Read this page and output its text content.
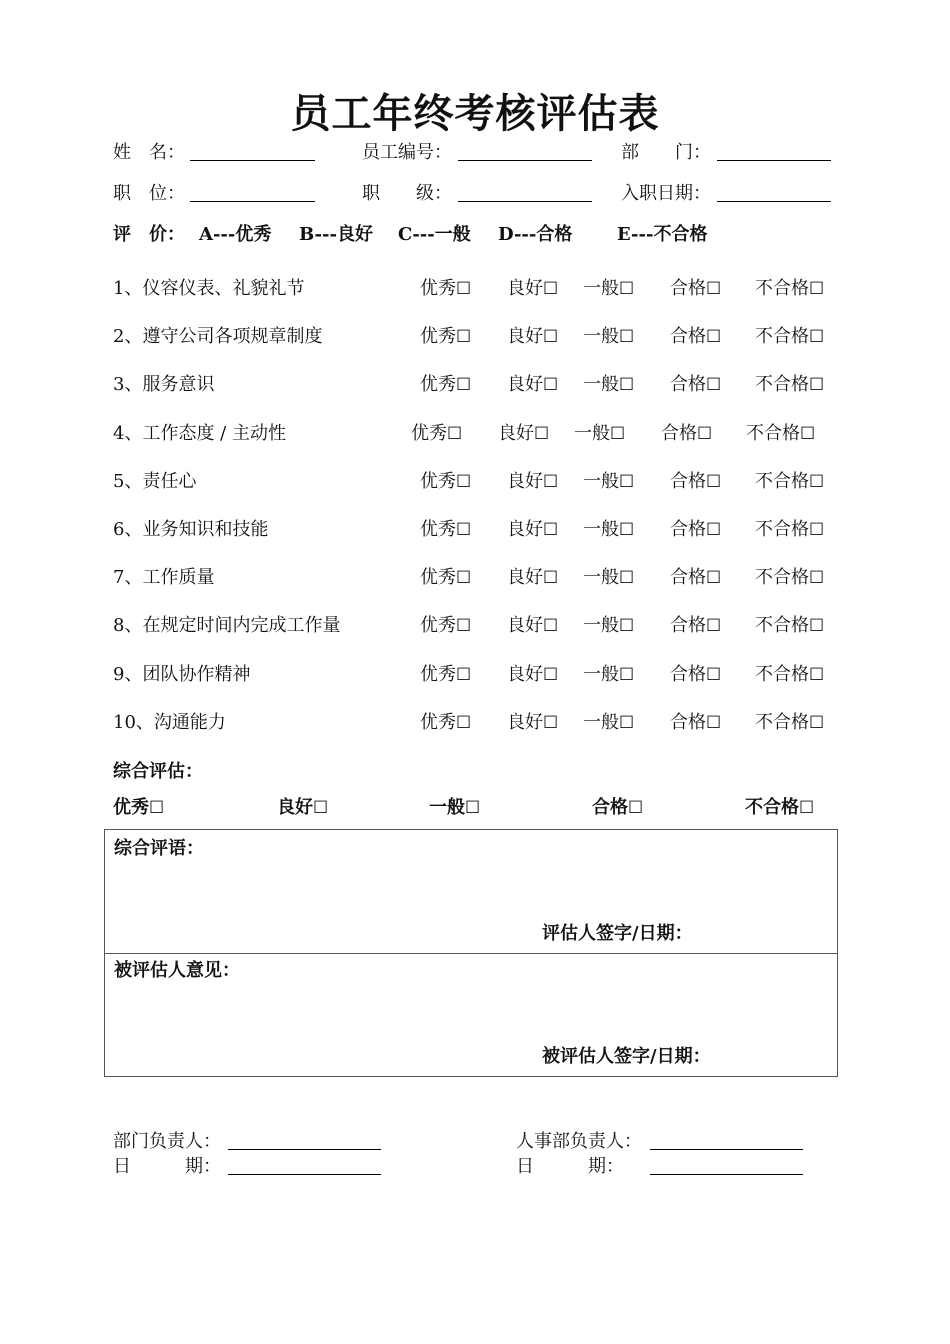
员工年终考核评估表
姓　名：	员工编号：	部　　门：
职　位：	职　　级：	入职日期：
评　价： A---优秀 B---良好 C---一般 D---合格 E---不合格
1、仪容仪表、礼貌礼节	优秀☐ 良好☐ 一般☐ 合格☐ 不合格☐
2、遵守公司各项规章制度	优秀☐ 良好☐ 一般☐ 合格☐ 不合格☐
3、服务意识	优秀☐ 良好☐ 一般☐ 合格☐ 不合格☐
4、工作态度 / 主动性	优秀☐ 良好☐ 一般☐ 合格☐ 不合格☐
5、责任心	优秀☐ 良好☐ 一般☐ 合格☐ 不合格☐
6、业务知识和技能	优秀☐ 良好☐ 一般☐ 合格☐ 不合格☐
7、工作质量	优秀☐ 良好☐ 一般☐ 合格☐ 不合格☐
8、在规定时间内完成工作量	优秀☐ 良好☐ 一般☐ 合格☐ 不合格☐
9、团队协作精神	优秀☐ 良好☐ 一般☐ 合格☐ 不合格☐
10、沟通能力	优秀☐ 良好☐ 一般☐ 合格☐ 不合格☐
综合评估：
优秀☐	良好☐	一般☐	合格☐	不合格☐
综合评语：
评估人签字/日期：
被评估人意见：
被评估人签字/日期：
部门负责人：
日　　　期：
人事部负责人：
日　　　期：
